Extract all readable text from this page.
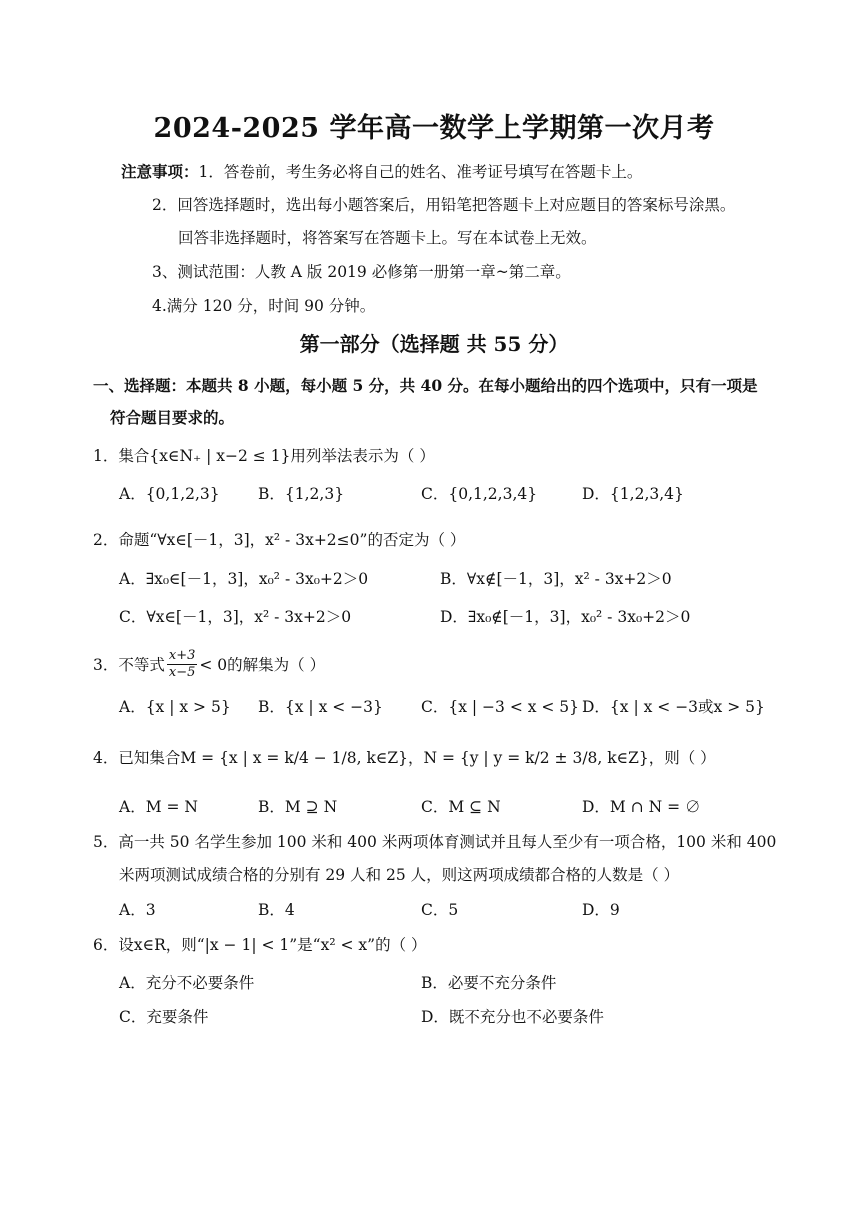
2024-2025 学年高一数学上学期第一次月考
注意事项：1．答卷前，考生务必将自己的姓名、准考证号填写在答题卡上。
2．回答选择题时，选出每小题答案后，用铅笔把答题卡上对应题目的答案标号涂黑。
回答非选择题时，将答案写在答题卡上。写在本试卷上无效。
3、测试范围：人教 A 版 2019 必修第一册第一章~第二章。
4.满分 120 分，时间 90 分钟。
第一部分（选择题 共 55 分）
一、选择题：本题共 8 小题，每小题 5 分，共 40 分。在每小题给出的四个选项中，只有一项是
符合题目要求的。
1．集合{x∈N₊ | x−2 ≤ 1}用列举法表示为（ ）
A．{0,1,2,3} B．{1,2,3}	C．{0,1,2,3,4}	D．{1,2,3,4}
2．命题“∀x∈[－1，3]，x² - 3x+2≤0”的否定为（ ）
A．∃x₀∈[－1，3]，x₀² - 3x₀+2＞0	B．∀x∉[－1，3]，x² - 3x+2＞0
C．∀x∈[－1，3]，x² - 3x+2＞0	D．∃x₀∉[－1，3]，x₀² - 3x₀+2＞0
3．不等式 $\frac{x+3}{x-5} < 0$的解集为（ ）
A．{x | x > 5} B．{x | x < −3} C．{x | −3 < x < 5} D．{x | x < −3或x > 5}
4．已知集合M = {x | x = k/4 − 1/8, k∈Z}，N = {y | y = k/2 ± 3/8, k∈Z}，则（ ）
A．M = N	B．M ⊇ N	C．M ⊆ N	D．M ∩ N = ∅
5．高一共 50 名学生参加 100 米和 400 米两项体育测试并且每人至少有一项合格，100 米和 400
米两项测试成绩合格的分别有 29 人和 25 人，则这两项成绩都合格的人数是（ ）
A．3	B．4	C．5	D．9
6．设x∈R，则“|x − 1| < 1”是“x² < x”的（ ）
A．充分不必要条件	B．必要不充分条件
C．充要条件	D．既不充分也不必要条件
